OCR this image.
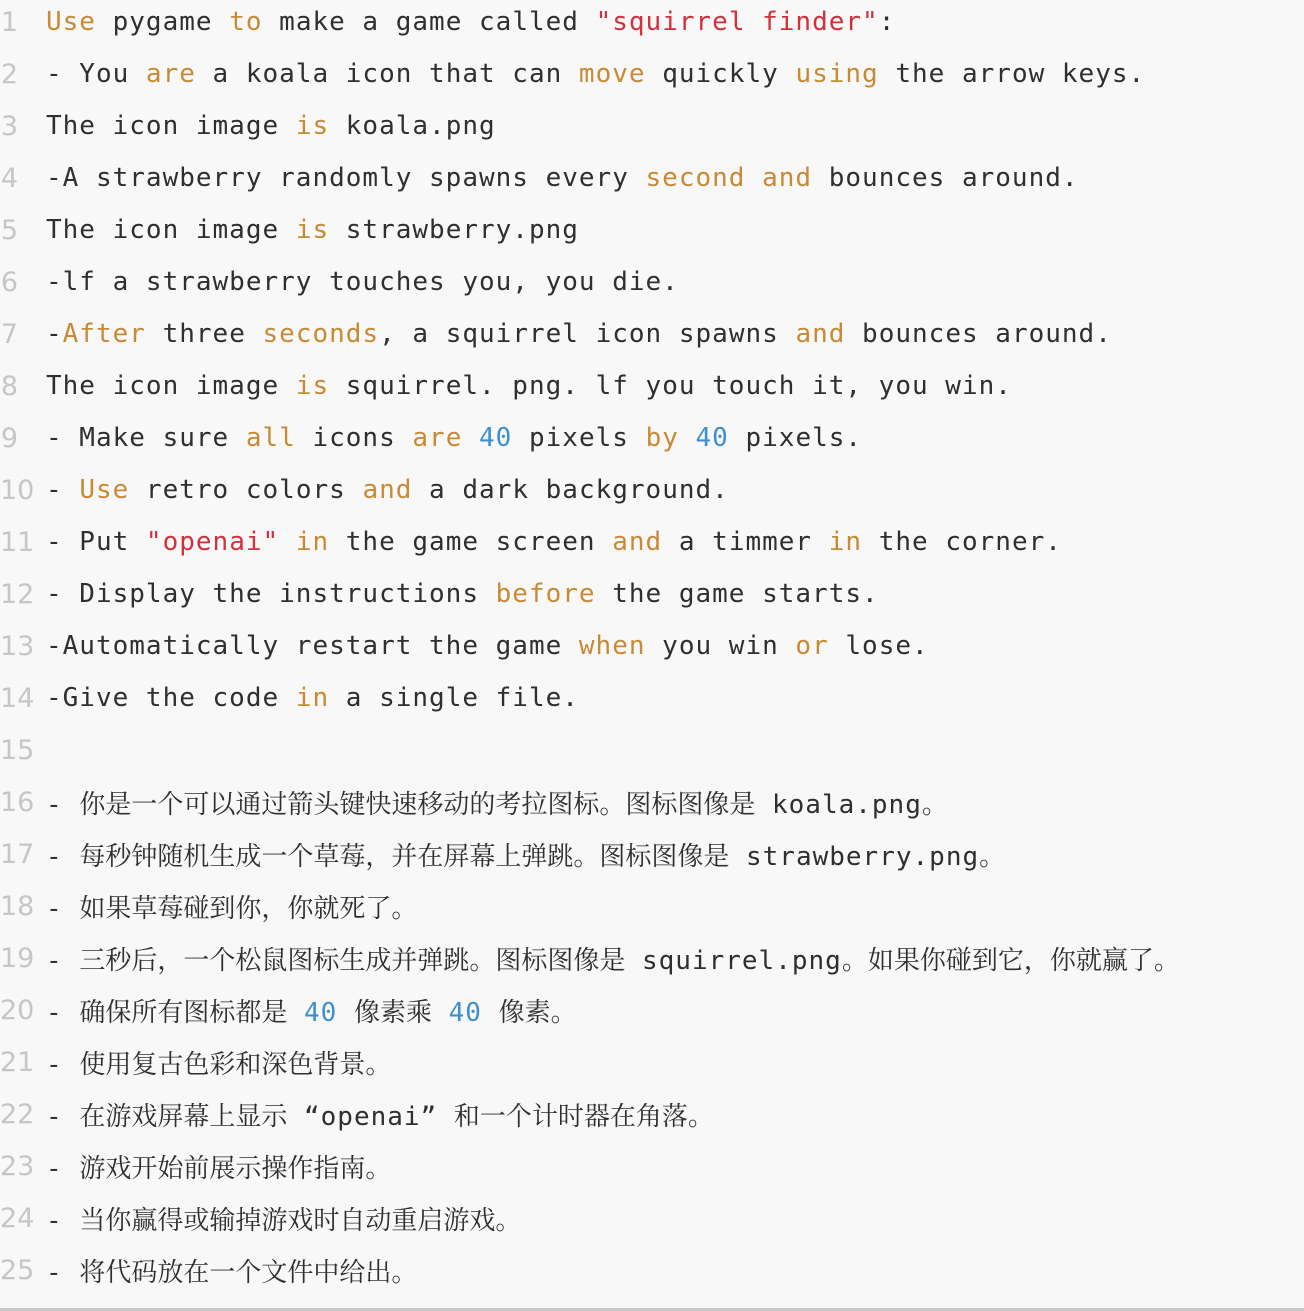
1	Use pygame to make a game called "squirrel finder":
2	- You are a koala icon that can move quickly using the arrow keys.
3	The icon image is koala.png
4	-A strawberry randomly spawns every second and bounces around.
5	The icon image is strawberry.png
6	-lf a strawberry touches you, you die.
7	-After three seconds, a squirrel icon spawns and bounces around.
8	The icon image is squirrel. png. lf you touch it, you win.
9	- Make sure all icons are 40 pixels by 40 pixels.
10 - Use retro colors and a dark background.
11 - Put "openai" in the game screen and a timmer in the corner.
12 - Display the instructions before the game starts.
13 -Automatically restart the game when you win or lose.
14 -Give the code in a single file.
15
16 - 你是一个可以通过箭头键快速移动的考拉图标。图标图像是 koala.png。
17 - 每秒钟随机生成一个草莓，并在屏幕上弹跳。图标图像是 strawberry.png。
18 - 如果草莓碰到你，你就死了。
19 - 三秒后，一个松鼠图标生成并弹跳。图标图像是 squirrel.png。如果你碰到它，你就赢了。
20 - 确保所有图标都是 40 像素乘 40 像素。
21 - 使用复古色彩和深色背景。
22 - 在游戏屏幕上显示 “openai” 和一个计时器在角落。
23 - 游戏开始前展示操作指南。
24 - 当你赢得或输掉游戏时自动重启游戏。
25 - 将代码放在一个文件中给出。
